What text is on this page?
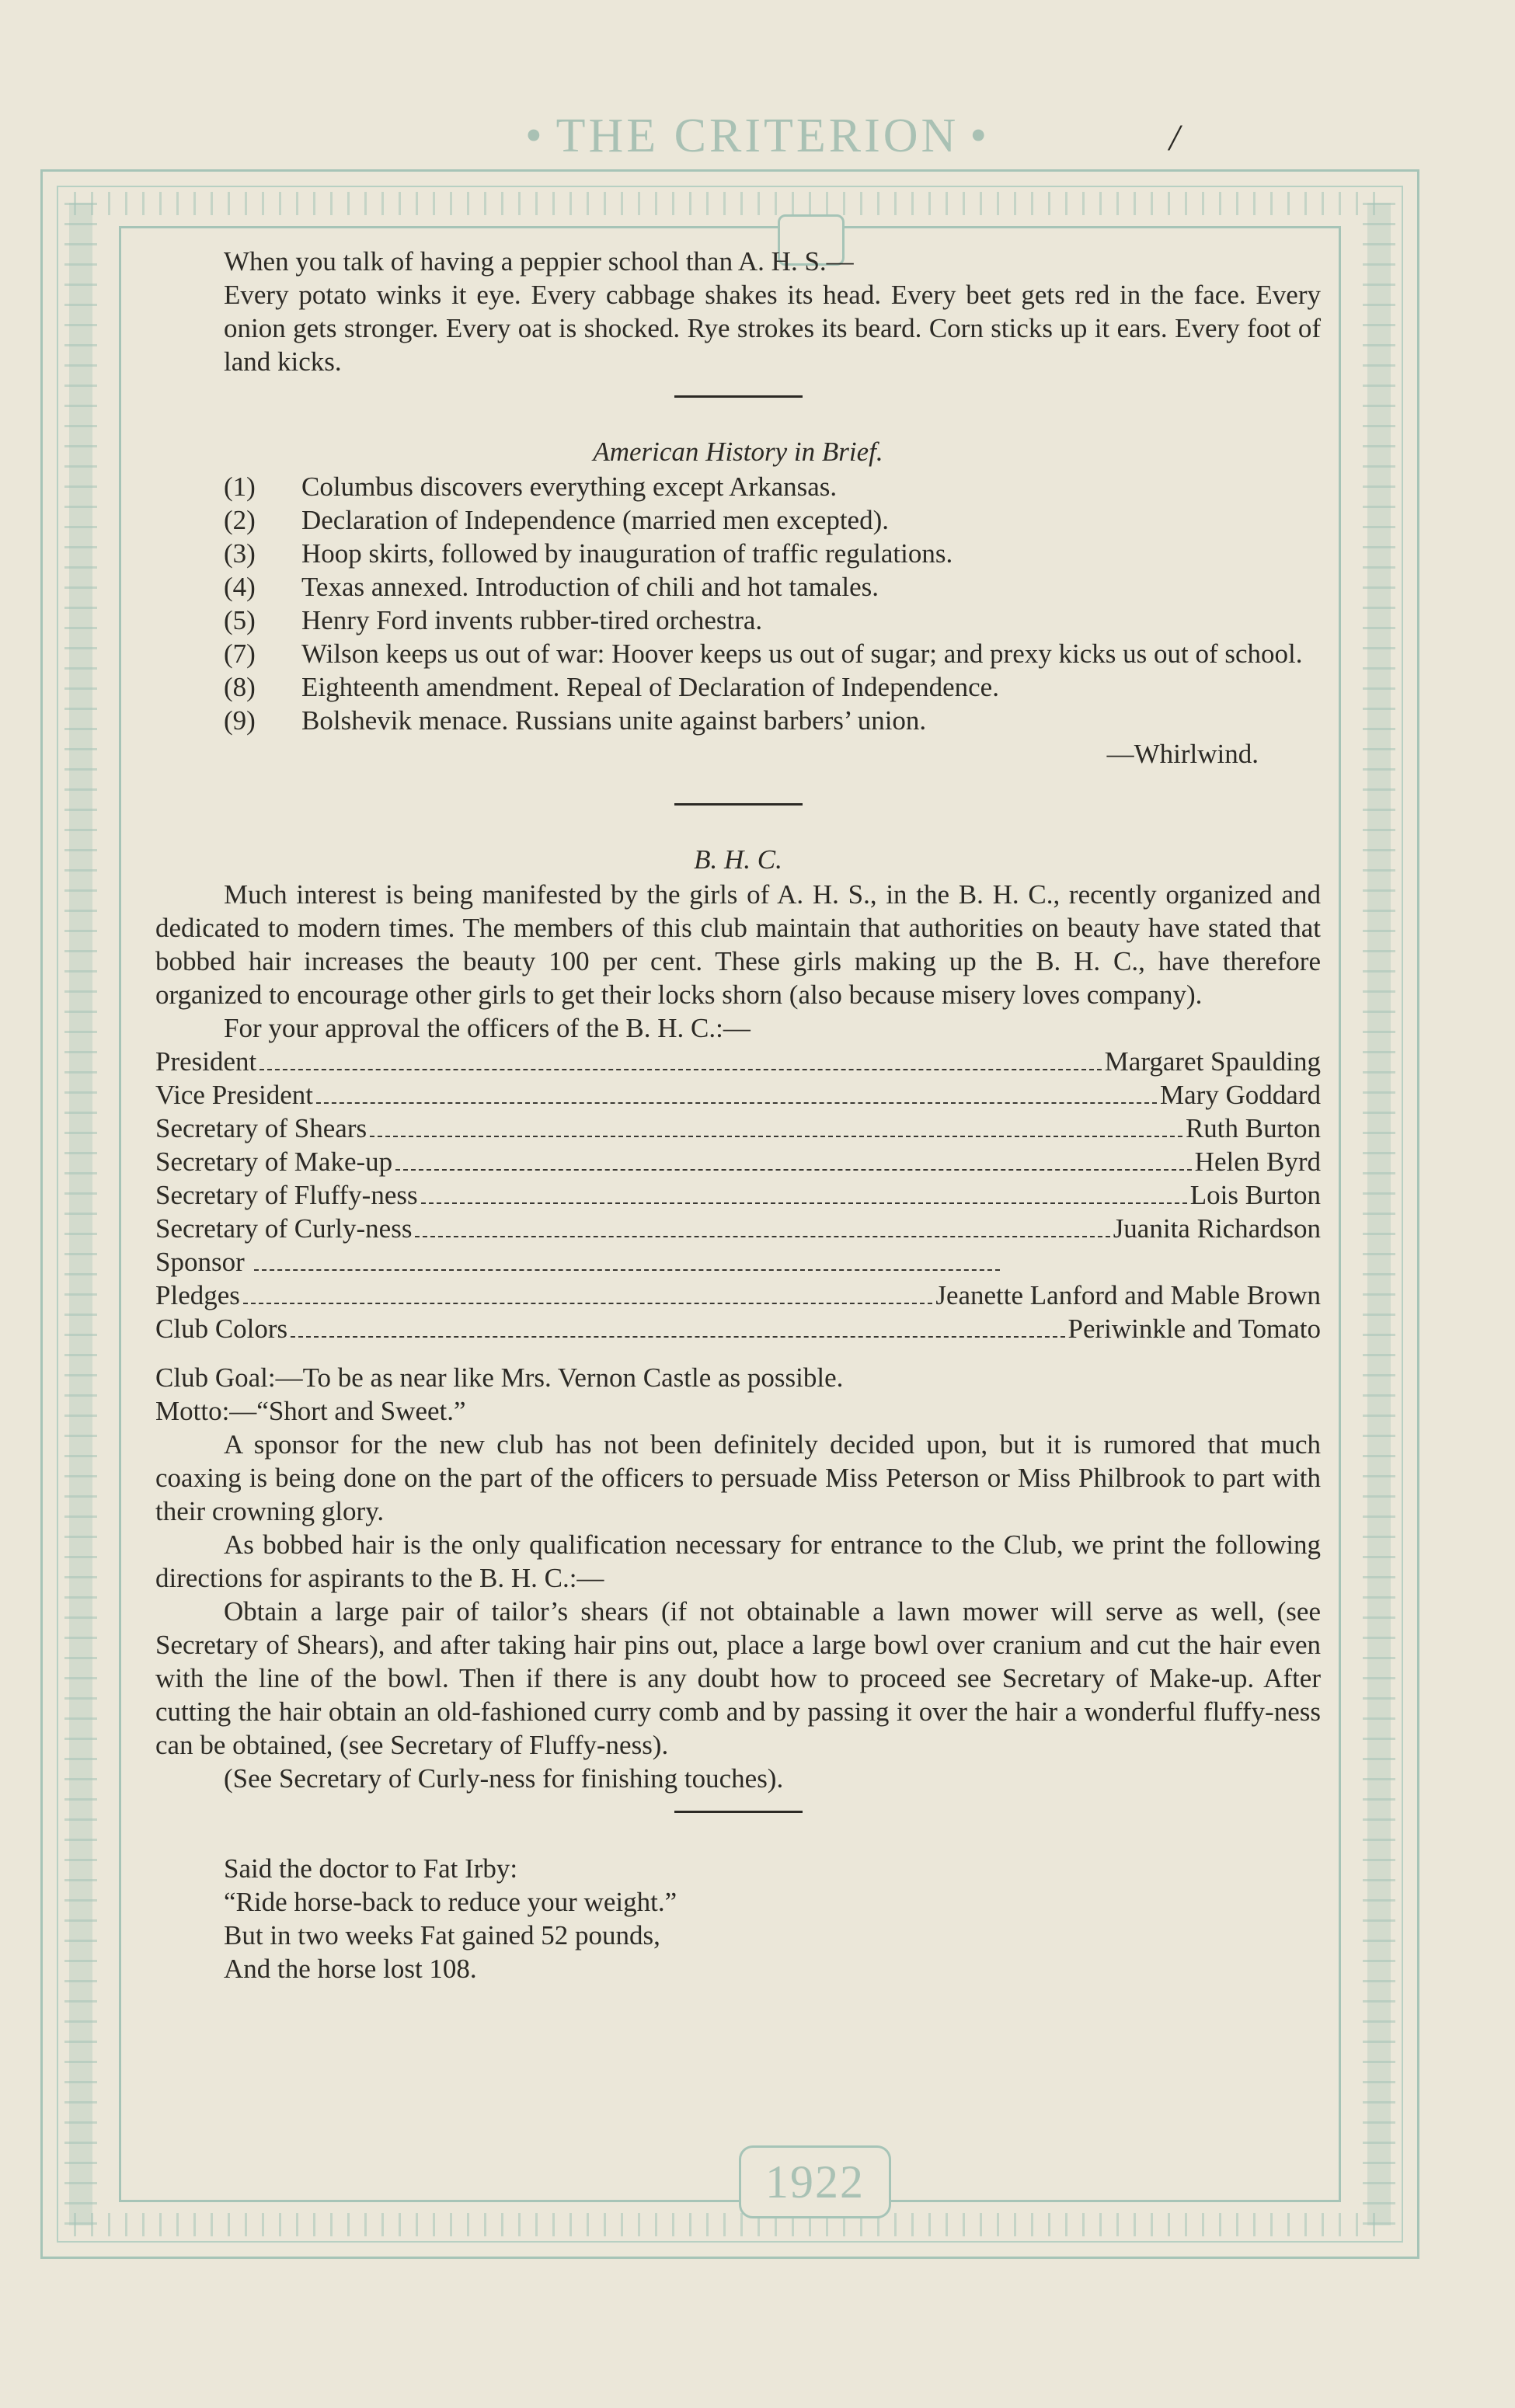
• THE CRITERION •	/
1922
When you talk of having a peppier school than A. H. S.—
Every potato winks it eye. Every cabbage shakes its head. Every beet gets red in the face. Every onion gets stronger. Every oat is shocked. Rye strokes its beard. Corn sticks up it ears. Every foot of land kicks.
American History in Brief.
(1)	Columbus discovers everything except Arkansas.
(2)	Declaration of Independence (married men excepted).
(3)	Hoop skirts, followed by inauguration of traffic regulations.
(4)	Texas annexed. Introduction of chili and hot tamales.
(5)	Henry Ford invents rubber-tired orchestra.
(7) Wilson keeps us out of war: Hoover keeps us out of sugar; and prexy kicks us out of school.
(8)	Eighteenth amendment. Repeal of Declaration of Independence.
(9)	Bolshevik menace. Russians unite against barbers’ union.
—Whirlwind.
B. H. C.
Much interest is being manifested by the girls of A. H. S., in the B. H. C., recently organized and dedicated to modern times. The members of this club maintain that authorities on beauty have stated that bobbed hair increases the beauty 100 per cent. These girls making up the B. H. C., have therefore organized to encourage other girls to get their locks shorn (also because misery loves company).
For your approval the officers of the B. H. C.:—
President	Margaret Spaulding
Vice President	Mary Goddard
Secretary of Shears	Ruth Burton
Secretary of Make-up	Helen Byrd
Secretary of Fluffy-ness	Lois Burton
Secretary of Curly-ness	Juanita Richardson
Sponsor
Pledges	Jeanette Lanford and Mable Brown
Club Colors	Periwinkle and Tomato
Club Goal:—To be as near like Mrs. Vernon Castle as possible.
Motto:—“Short and Sweet.”
A sponsor for the new club has not been definitely decided upon, but it is rumored that much coaxing is being done on the part of the officers to persuade Miss Peterson or Miss Philbrook to part with their crowning glory.
As bobbed hair is the only qualification necessary for entrance to the Club, we print the following directions for aspirants to the B. H. C.:—
Obtain a large pair of tailor’s shears (if not obtainable a lawn mower will serve as well, (see Secretary of Shears), and after taking hair pins out, place a large bowl over cranium and cut the hair even with the line of the bowl. Then if there is any doubt how to proceed see Secretary of Make-up. After cutting the hair obtain an old-fashioned curry comb and by passing it over the hair a wonderful fluffy-ness can be obtained, (see Secretary of Fluffy-ness).
(See Secretary of Curly-ness for finishing touches).
Said the doctor to Fat Irby:
“Ride horse-back to reduce your weight.”
But in two weeks Fat gained 52 pounds,
And the horse lost 108.
